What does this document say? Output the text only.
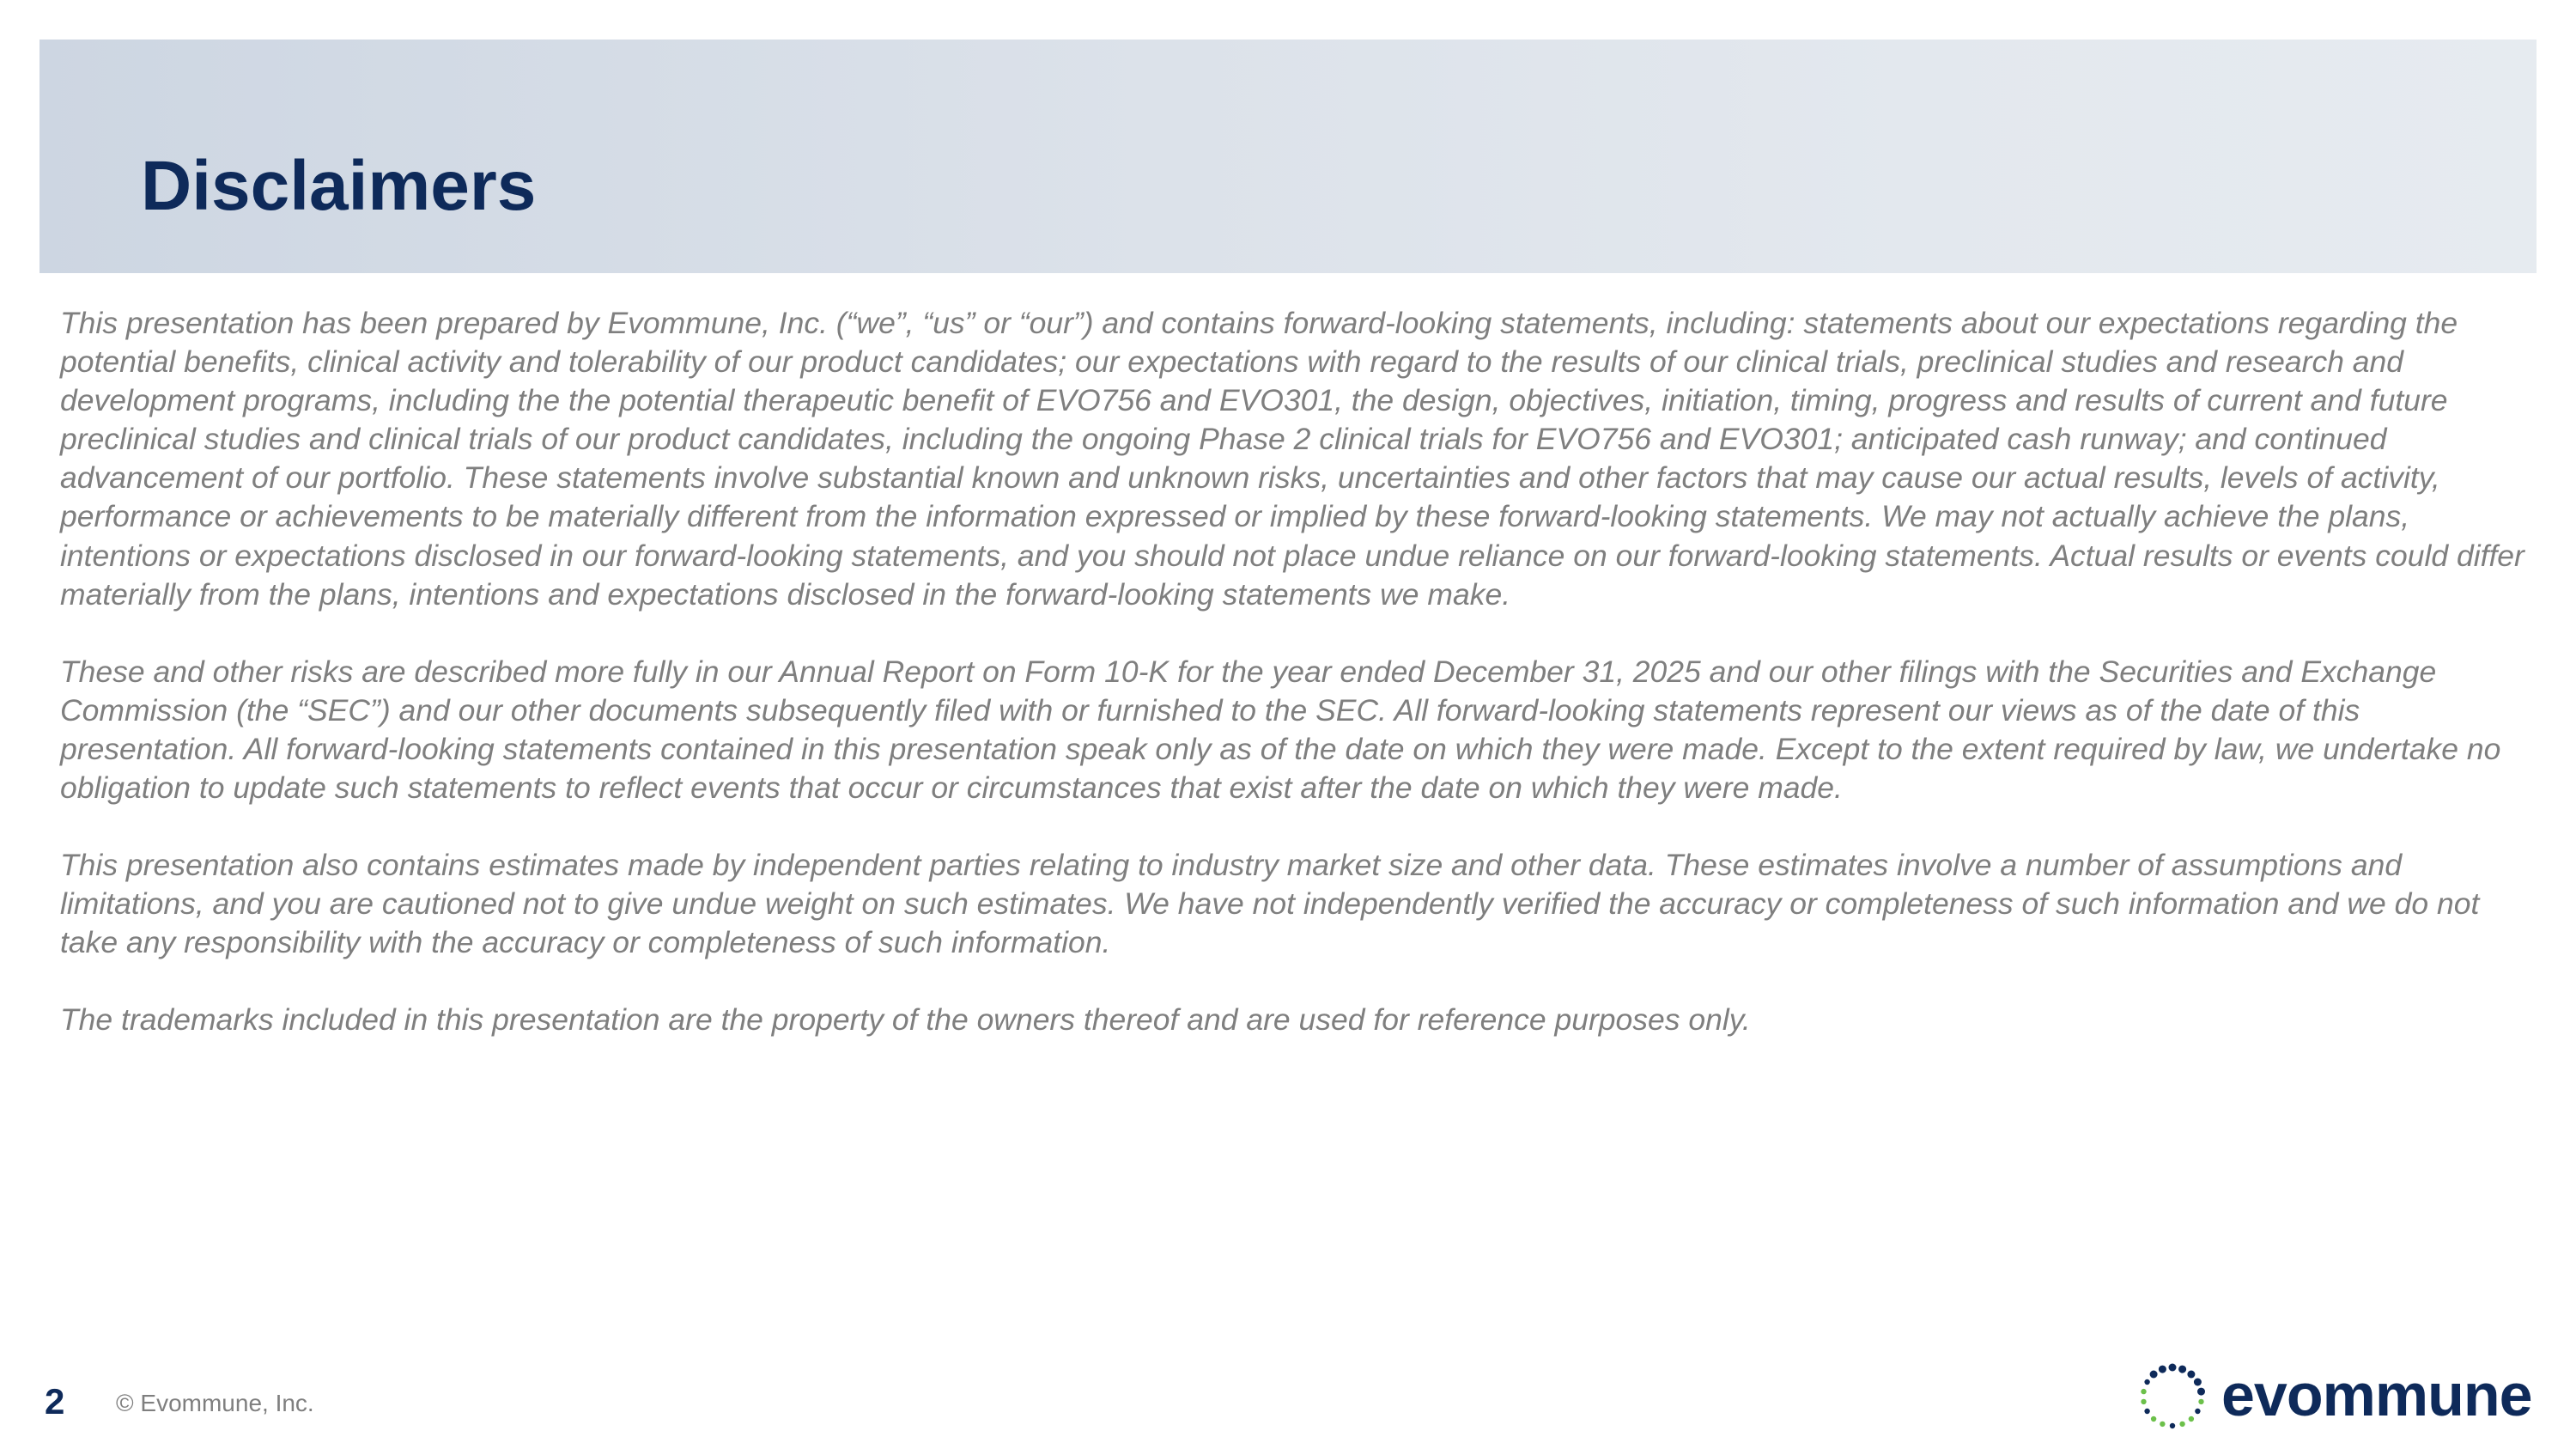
Disclaimers

This presentation has been prepared by Evommune, Inc. (“we”, “us” or “our”) and contains forward-looking statements, including: statements about our expectations regarding the potential benefits, clinical activity and tolerability of our product candidates; our expectations with regard to the results of our clinical trials, preclinical studies and research and development programs, including the the potential therapeutic benefit of EVO756 and EVO301, the design, objectives, initiation, timing, progress and results of current and future preclinical studies and clinical trials of our product candidates, including the ongoing Phase 2 clinical trials for EVO756 and EVO301; anticipated cash runway; and continued advancement of our portfolio. These statements involve substantial known and unknown risks, uncertainties and other factors that may cause our actual results, levels of activity, performance or achievements to be materially different from the information expressed or implied by these forward-looking statements. We may not actually achieve the plans, intentions or expectations disclosed in our forward-looking statements, and you should not place undue reliance on our forward-looking statements. Actual results or events could differ materially from the plans, intentions and expectations disclosed in the forward-looking statements we make.

These and other risks are described more fully in our Annual Report on Form 10-K for the year ended December 31, 2025 and our other filings with the Securities and Exchange Commission (the “SEC”) and our other documents subsequently filed with or furnished to the SEC. All forward-looking statements represent our views as of the date of this presentation. All forward-looking statements contained in this presentation speak only as of the date on which they were made. Except to the extent required by law, we undertake no obligation to update such statements to reflect events that occur or circumstances that exist after the date on which they were made.

This presentation also contains estimates made by independent parties relating to industry market size and other data. These estimates involve a number of assumptions and limitations, and you are cautioned not to give undue weight on such estimates. We have not independently verified the accuracy or completeness of such information and we do not take any responsibility with the accuracy or completeness of such information.

The trademarks included in this presentation are the property of the owners thereof and are used for reference purposes only.

2 © Evommune, Inc.	evommune
